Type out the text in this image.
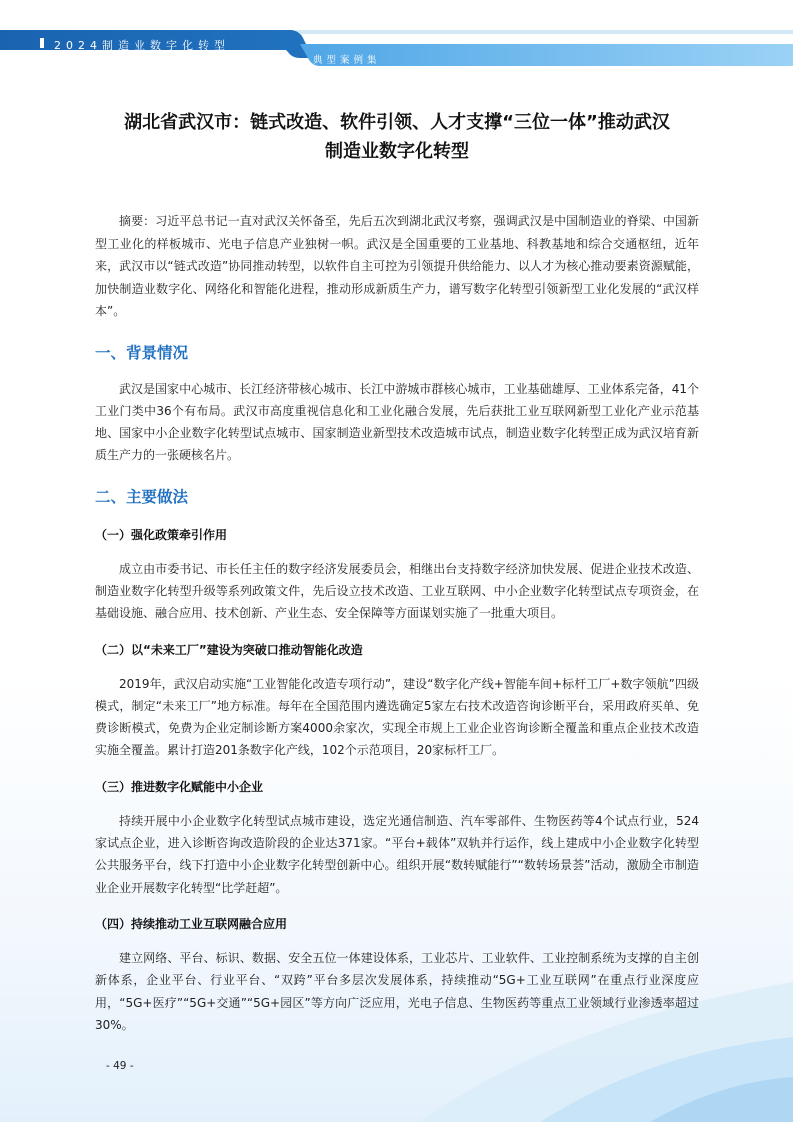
2024制造业数字化转型
典型案例集
湖北省武汉市：链式改造、软件引领、人才支撑“三位一体”推动武汉
制造业数字化转型

摘要：习近平总书记一直对武汉关怀备至，先后五次到湖北武汉考察，强调武汉是中国制造业的脊梁、中国新型工业化的样板城市、光电子信息产业独树一帜。武汉是全国重要的工业基地、科教基地和综合交通枢纽，近年来，武汉市以“链式改造”协同推动转型，以软件自主可控为引领提升供给能力、以人才为核心推动要素资源赋能，加快制造业数字化、网络化和智能化进程，推动形成新质生产力，谱写数字化转型引领新型工业化发展的“武汉样本”。

一、背景情况

武汉是国家中心城市、长江经济带核心城市、长江中游城市群核心城市，工业基础雄厚、工业体系完备，41个工业门类中36个有布局。武汉市高度重视信息化和工业化融合发展，先后获批工业互联网新型工业化产业示范基地、国家中小企业数字化转型试点城市、国家制造业新型技术改造城市试点，制造业数字化转型正成为武汉培育新质生产力的一张硬核名片。

二、主要做法
（一）强化政策牵引作用

成立由市委书记、市长任主任的数字经济发展委员会，相继出台支持数字经济加快发展、促进企业技术改造、制造业数字化转型升级等系列政策文件，先后设立技术改造、工业互联网、中小企业数字化转型试点专项资金，在基础设施、融合应用、技术创新、产业生态、安全保障等方面谋划实施了一批重大项目。

（二）以“未来工厂”建设为突破口推动智能化改造

2019年，武汉启动实施“工业智能化改造专项行动”，建设“数字化产线+智能车间+标杆工厂+数字领航”四级模式，制定“未来工厂”地方标准。每年在全国范围内遴选确定5家左右技术改造咨询诊断平台，采用政府买单、免费诊断模式，免费为企业定制诊断方案4000余家次，实现全市规上工业企业咨询诊断全覆盖和重点企业技术改造实施全覆盖。累计打造201条数字化产线，102个示范项目，20家标杆工厂。

（三）推进数字化赋能中小企业

持续开展中小企业数字化转型试点城市建设，选定光通信制造、汽车零部件、生物医药等4个试点行业，524家试点企业，进入诊断咨询改造阶段的企业达371家。“平台+载体”双轨并行运作，线上建成中小企业数字化转型公共服务平台，线下打造中小企业数字化转型创新中心。组织开展“数转赋能行”“数转场景荟”活动，激励全市制造业企业开展数字化转型“比学赶超”。

（四）持续推动工业互联网融合应用

建立网络、平台、标识、数据、安全五位一体建设体系，工业芯片、工业软件、工业控制系统为支撑的自主创新体系，企业平台、行业平台、“双跨”平台多层次发展体系，持续推动“5G+工业互联网”在重点行业深度应用，“5G+医疗”“5G+交通”“5G+园区”等方向广泛应用，光电子信息、生物医药等重点工业领域行业渗透率超过30%。

- 49 -
